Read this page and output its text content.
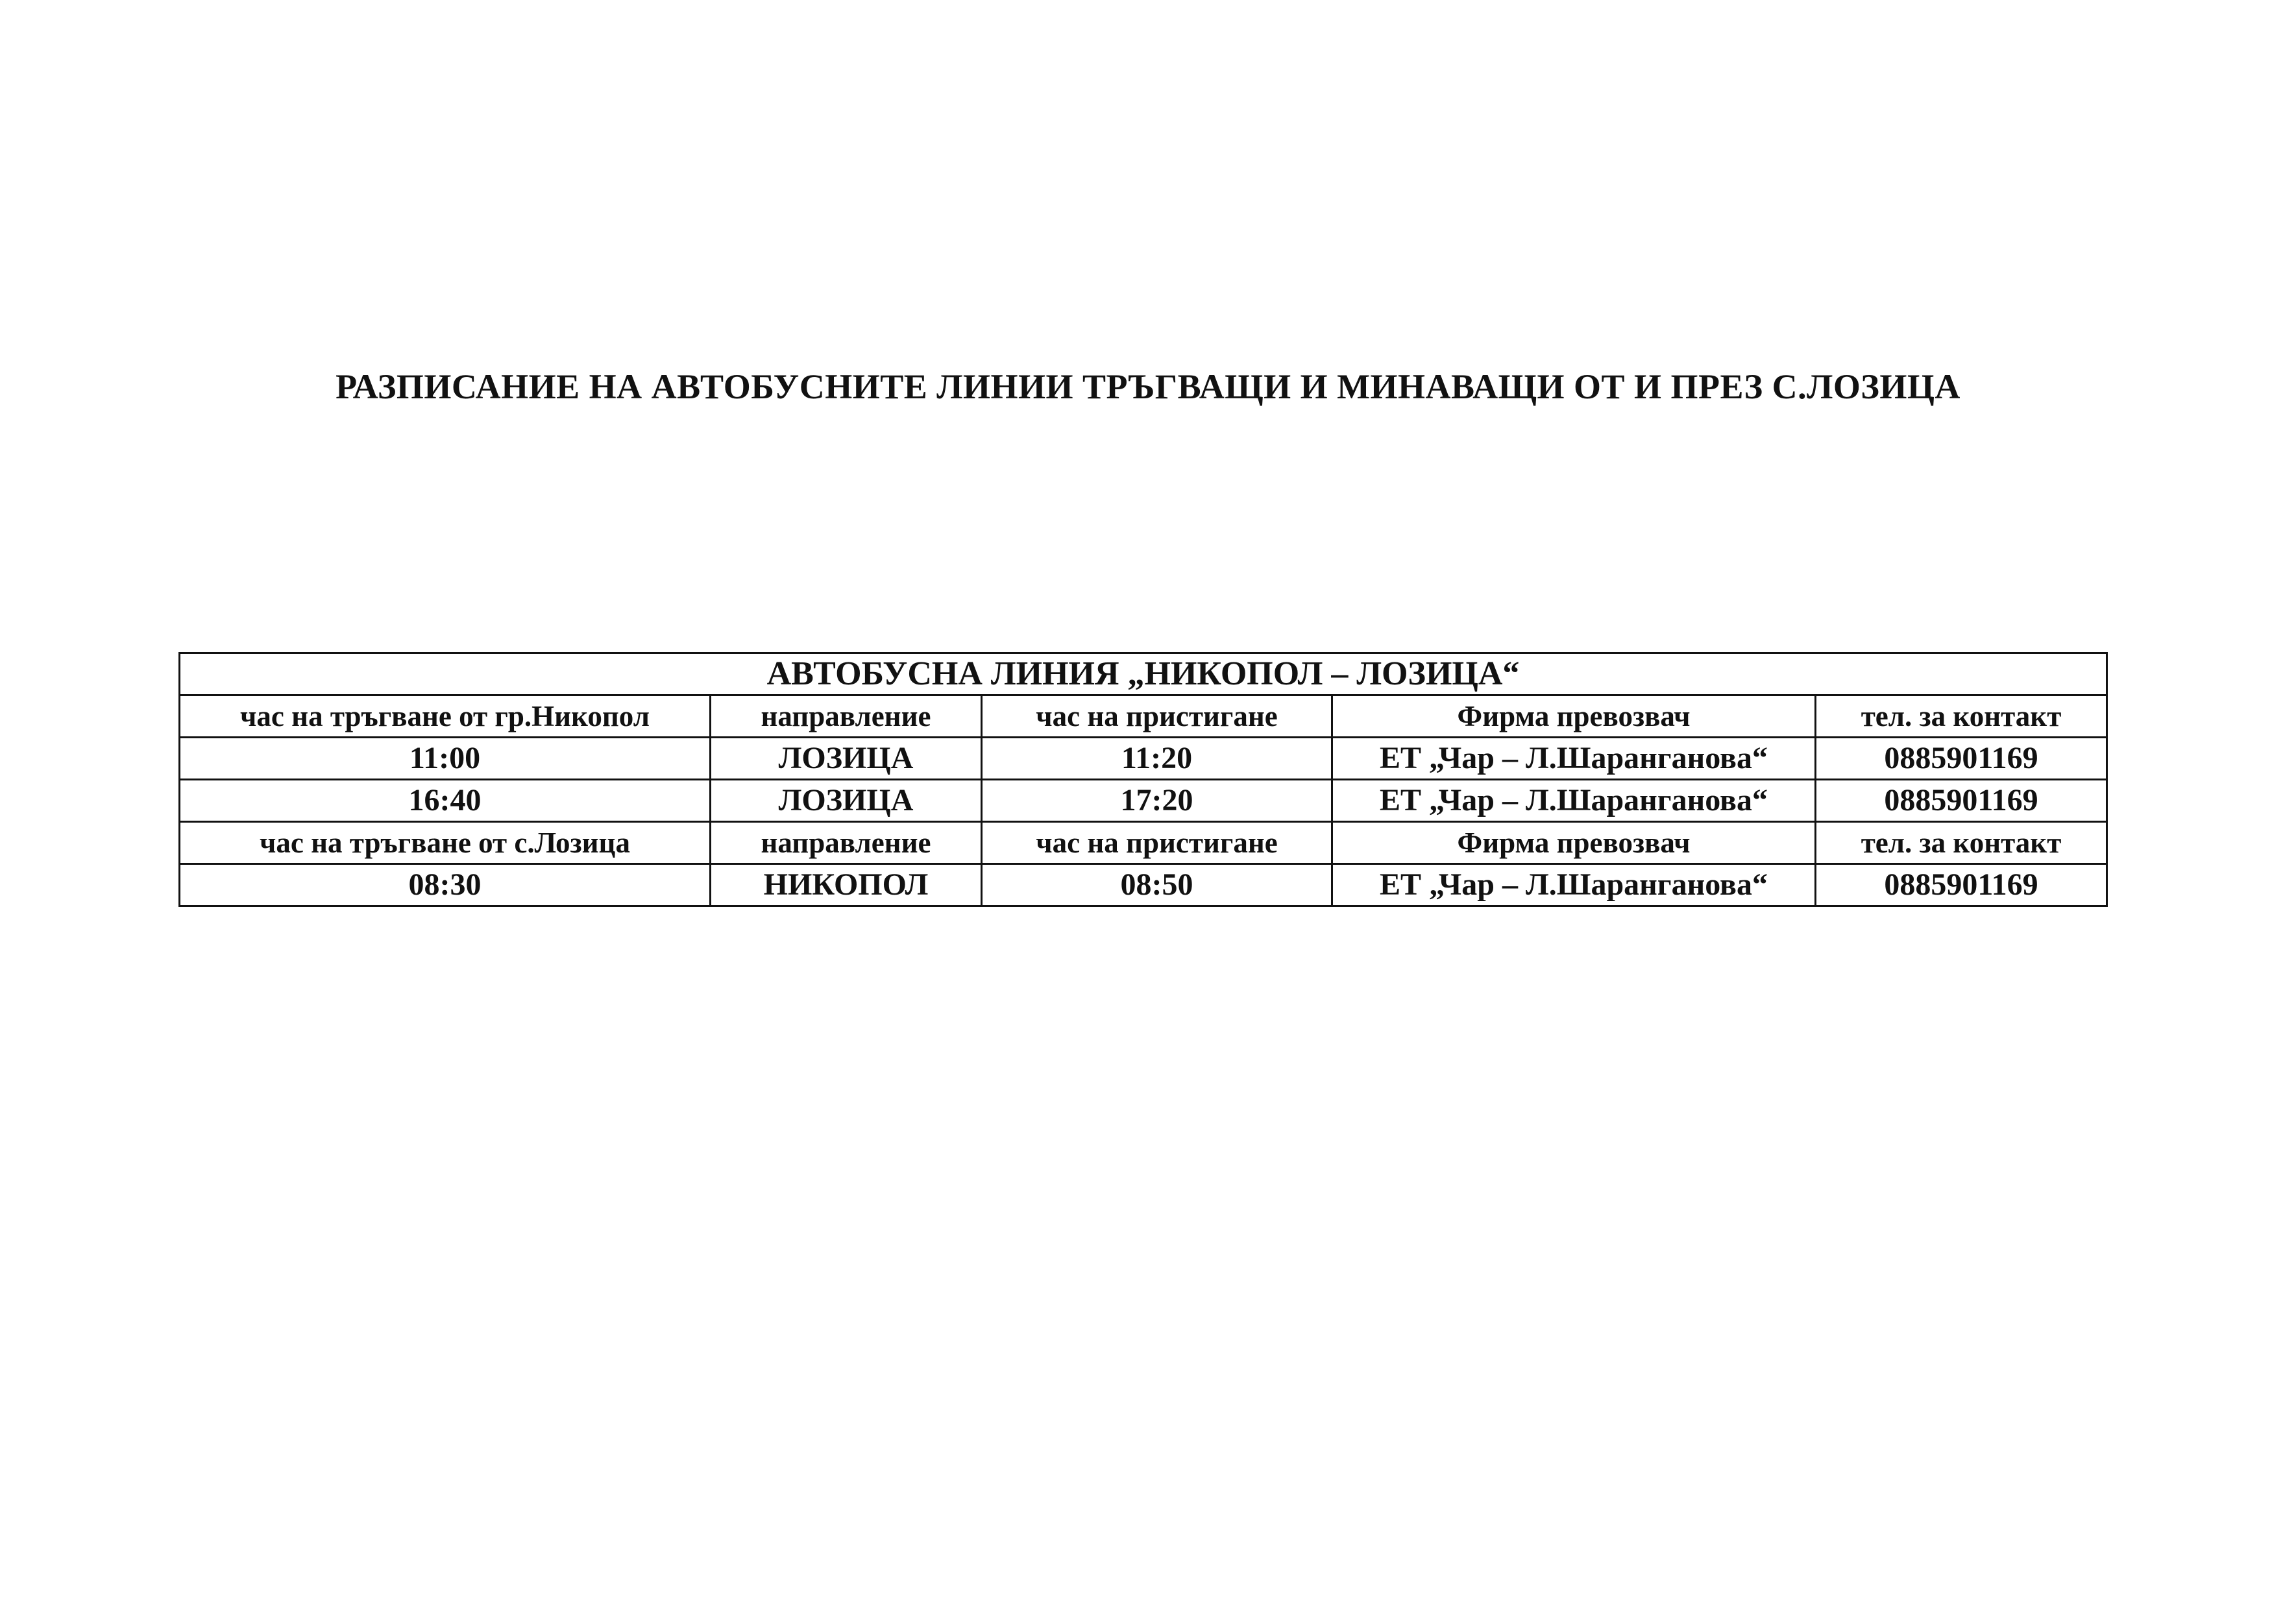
РАЗПИСАНИЕ НА АВТОБУСНИТЕ ЛИНИИ ТРЪГВАЩИ И МИНАВАЩИ ОТ И ПРЕЗ С.ЛОЗИЦА
АВТОБУСНА ЛИНИЯ „НИКОПОЛ – ЛОЗИЦА“				
час на тръгване от гр.Никопол	направление	час на пристигане	Фирма превозвач	тел. за контакт
11:00	ЛОЗИЦА	11:20	ЕТ „Чар – Л.Шаранганова“	0885901169
16:40	ЛОЗИЦА	17:20	ЕТ „Чар – Л.Шаранганова“	0885901169
час на тръгване от с.Лозица	направление	час на пристигане	Фирма превозвач	тел. за контакт
08:30	НИКОПОЛ	08:50	ЕТ „Чар – Л.Шаранганова“	0885901169
